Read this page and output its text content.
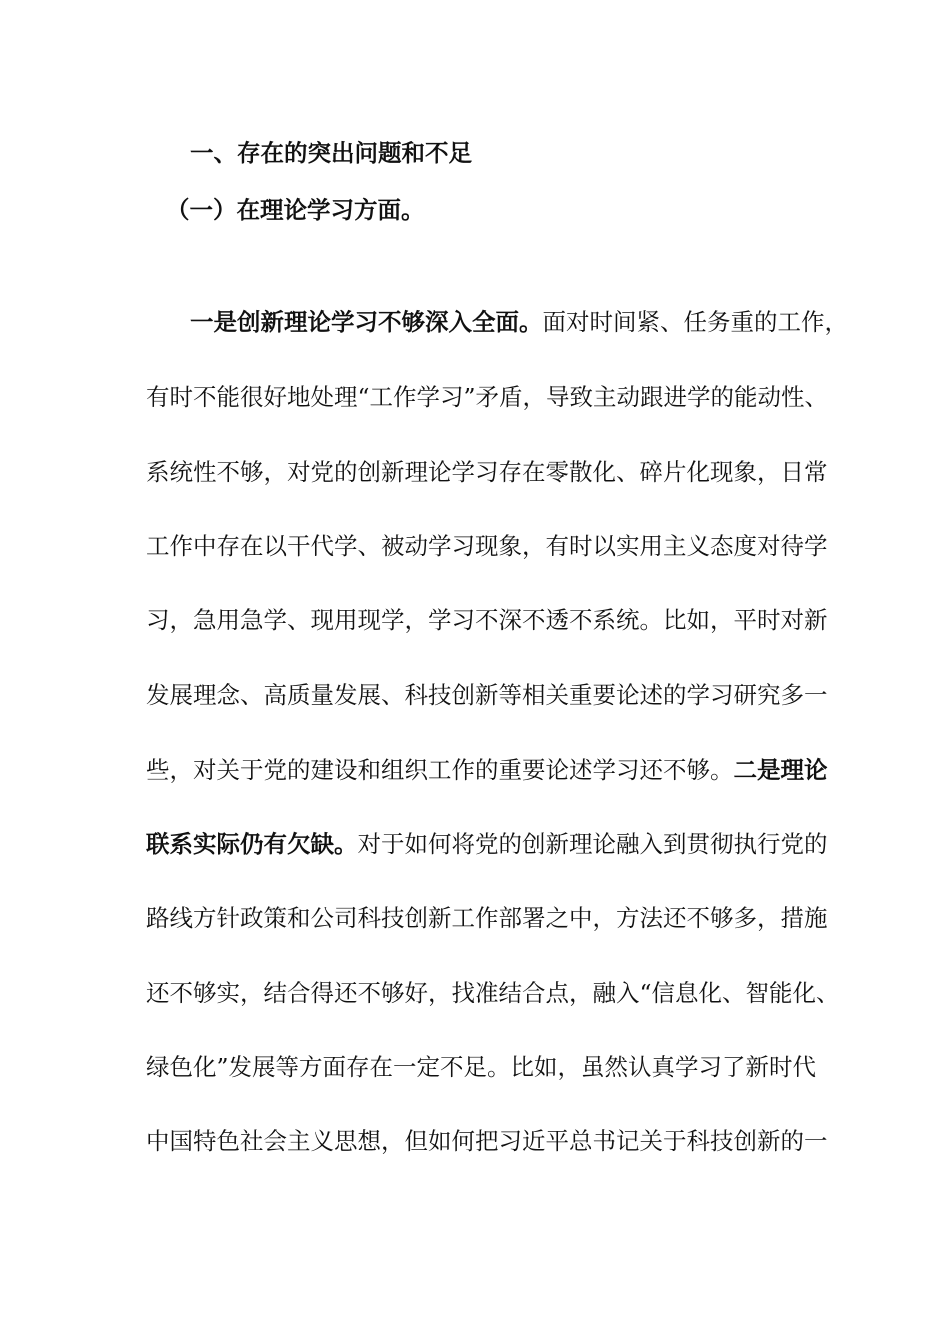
一、存在的突出问题和不足
（一）在理论学习方面。
一是创新理论学习不够深入全面。面对时间紧、任务重的工作，
有时不能很好地处理“工作学习”矛盾，导致主动跟进学的能动性、
系统性不够，对党的创新理论学习存在零散化、碎片化现象，日常
工作中存在以干代学、被动学习现象，有时以实用主义态度对待学
习，急用急学、现用现学，学习不深不透不系统。比如，平时对新
发展理念、高质量发展、科技创新等相关重要论述的学习研究多一
些，对关于党的建设和组织工作的重要论述学习还不够。二是理论
联系实际仍有欠缺。对于如何将党的创新理论融入到贯彻执行党的
路线方针政策和公司科技创新工作部署之中，方法还不够多，措施
还不够实，结合得还不够好，找准结合点，融入“信息化、智能化、
绿色化”发展等方面存在一定不足。比如，虽然认真学习了新时代
中国特色社会主义思想，但如何把习近平总书记关于科技创新的一
